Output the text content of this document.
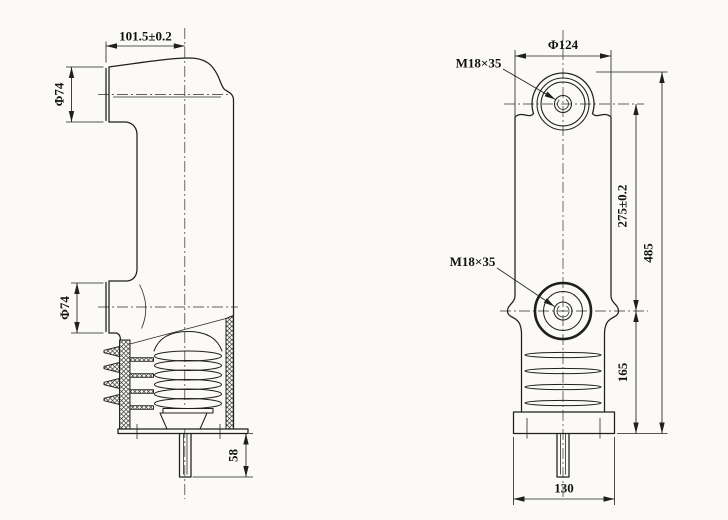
101.5±0.2
Φ74
Φ74
58
Φ124
M18×35
M18×35
275±0.2
165
485
130
